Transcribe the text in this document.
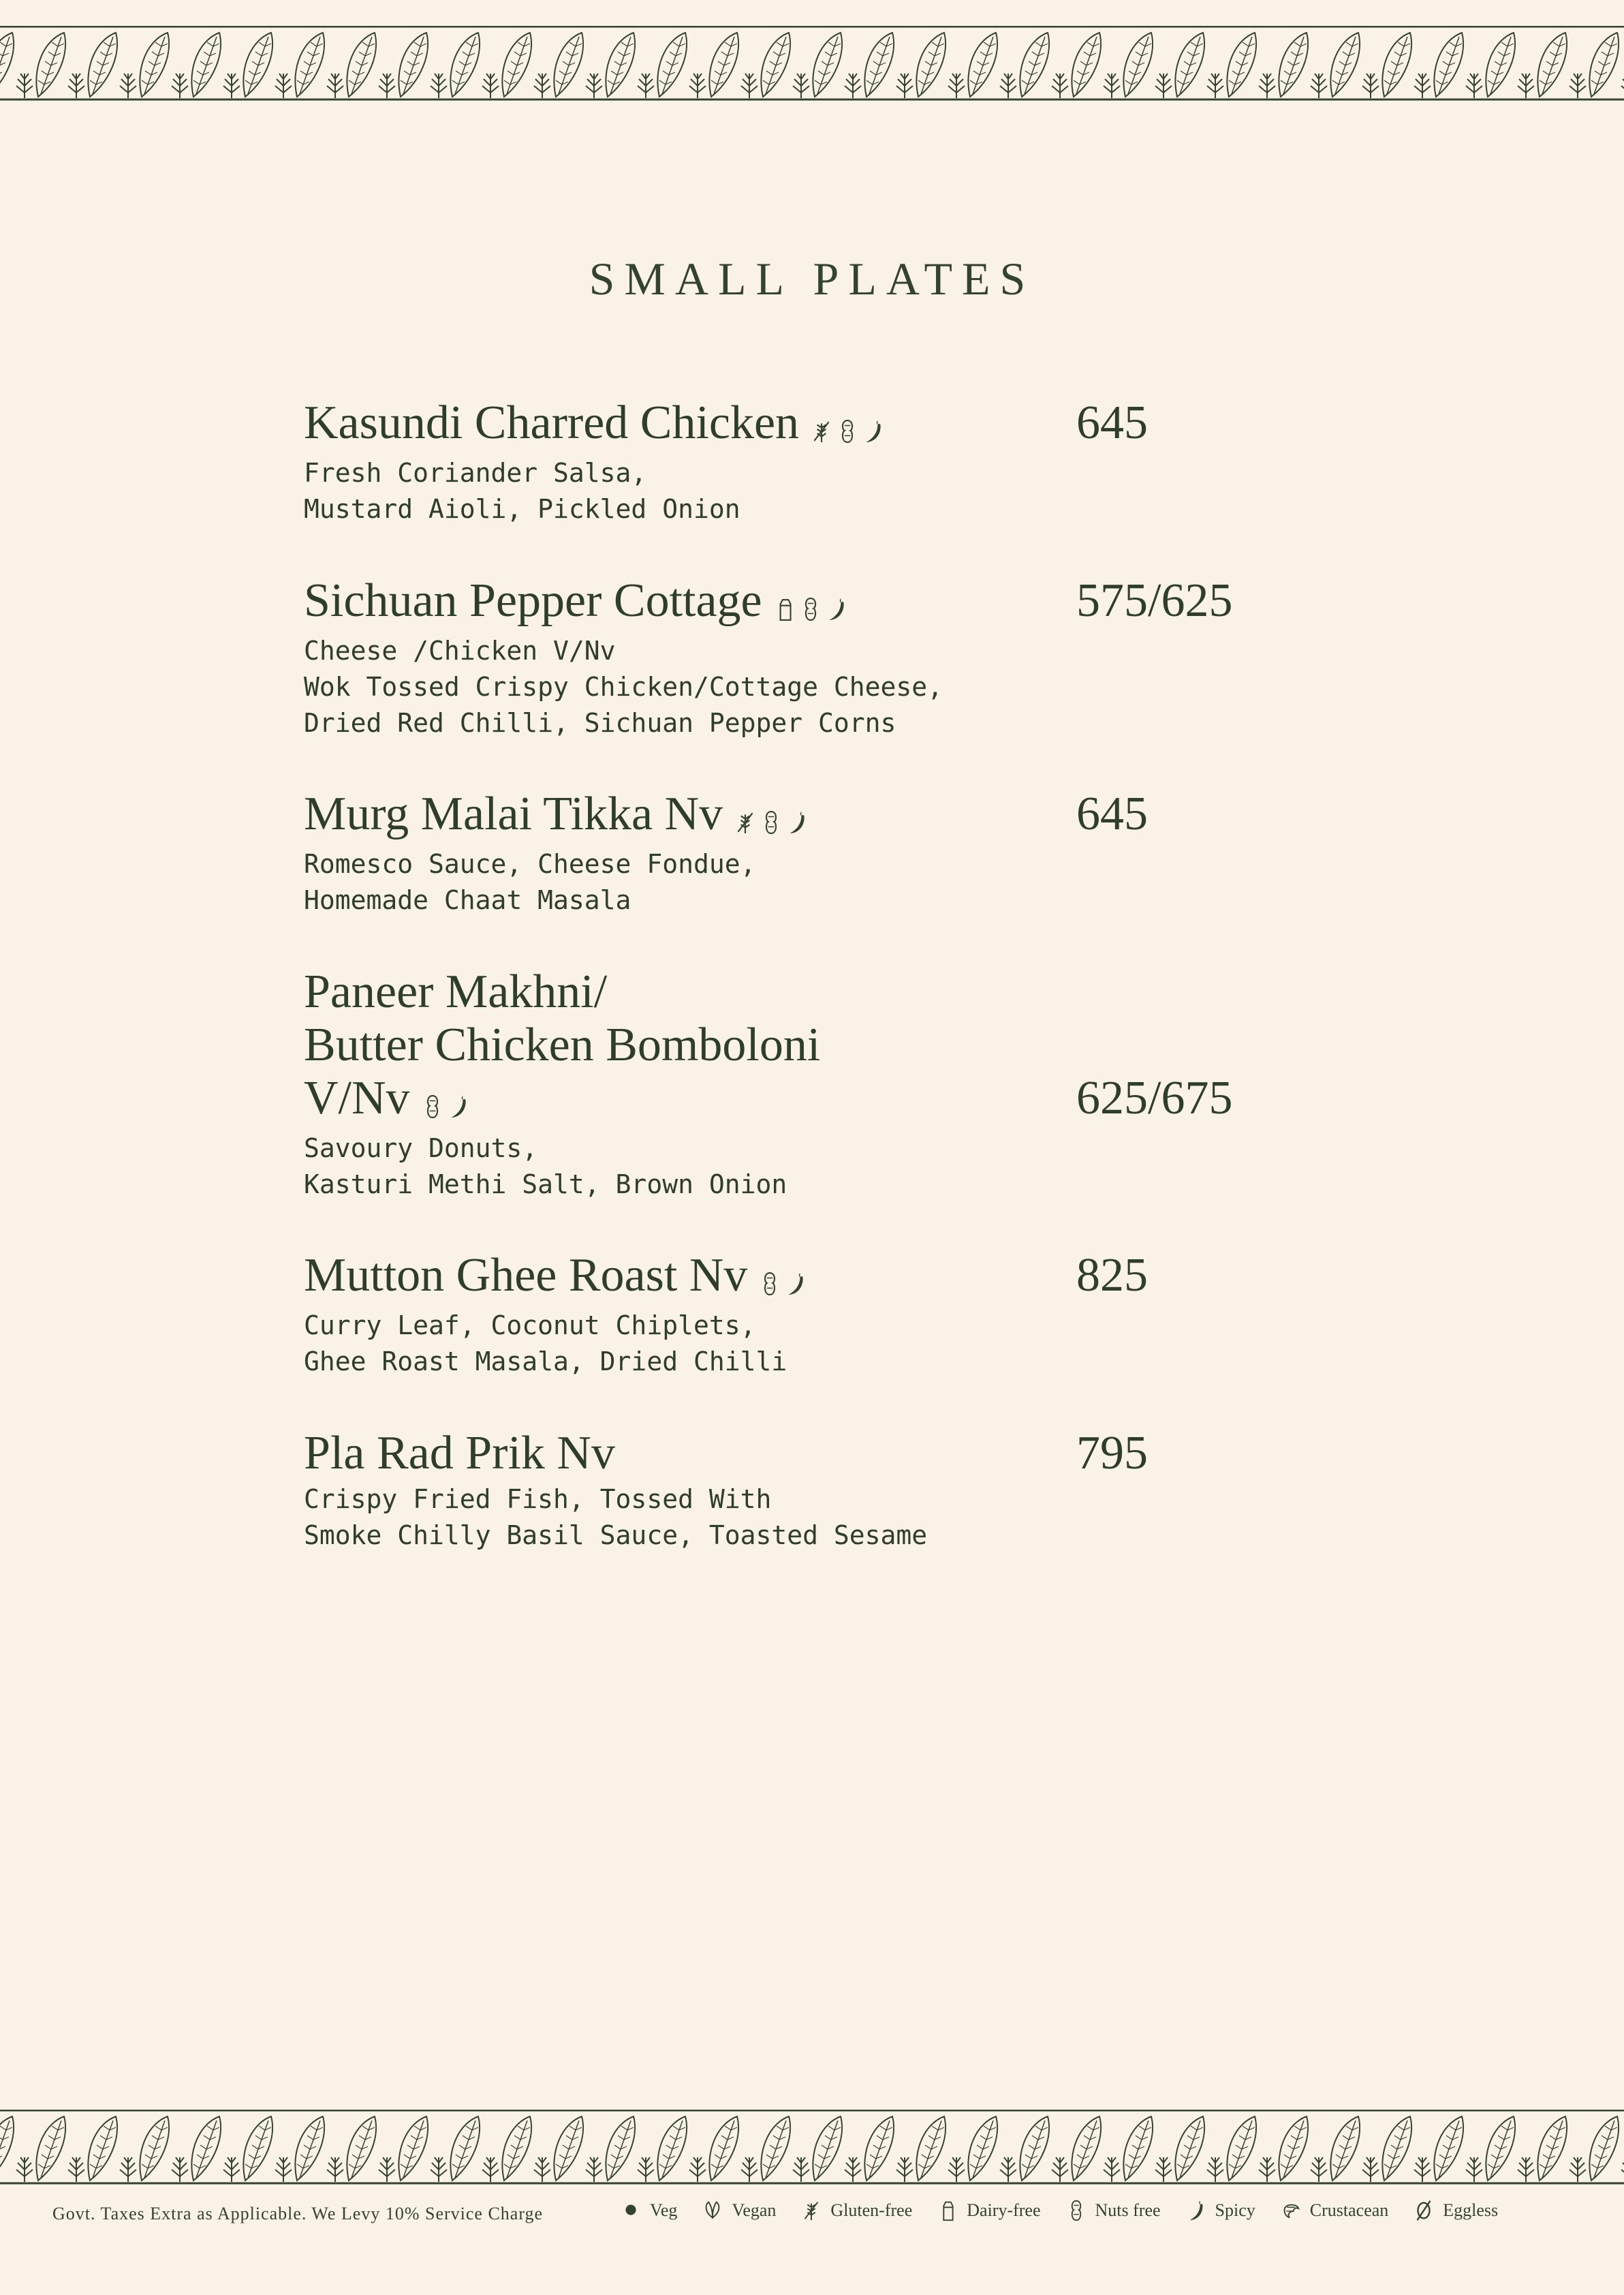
SMALL PLATES
Kasundi Charred Chicken	645
Fresh Coriander Salsa,
Mustard Aioli, Pickled Onion
Sichuan Pepper Cottage	575/625
Cheese /Chicken V/Nv
Wok Tossed Crispy Chicken/Cottage Cheese,
Dried Red Chilli, Sichuan Pepper Corns
Murg Malai Tikka Nv	645
Romesco Sauce, Cheese Fondue,
Homemade Chaat Masala
Paneer Makhni/
Butter Chicken Bomboloni
V/Nv	625/675
Savoury Donuts,
Kasturi Methi Salt, Brown Onion
Mutton Ghee Roast Nv	825
Curry Leaf, Coconut Chiplets,
Ghee Roast Masala, Dried Chilli
Pla Rad Prik Nv	795
Crispy Fried Fish, Tossed With
Smoke Chilly Basil Sauce, Toasted Sesame
Govt. Taxes Extra as Applicable. We Levy 10% Service Charge	Veg	Vegan	Gluten-free	Dairy-free	Nuts free	Spicy	Crustacean	Eggless
